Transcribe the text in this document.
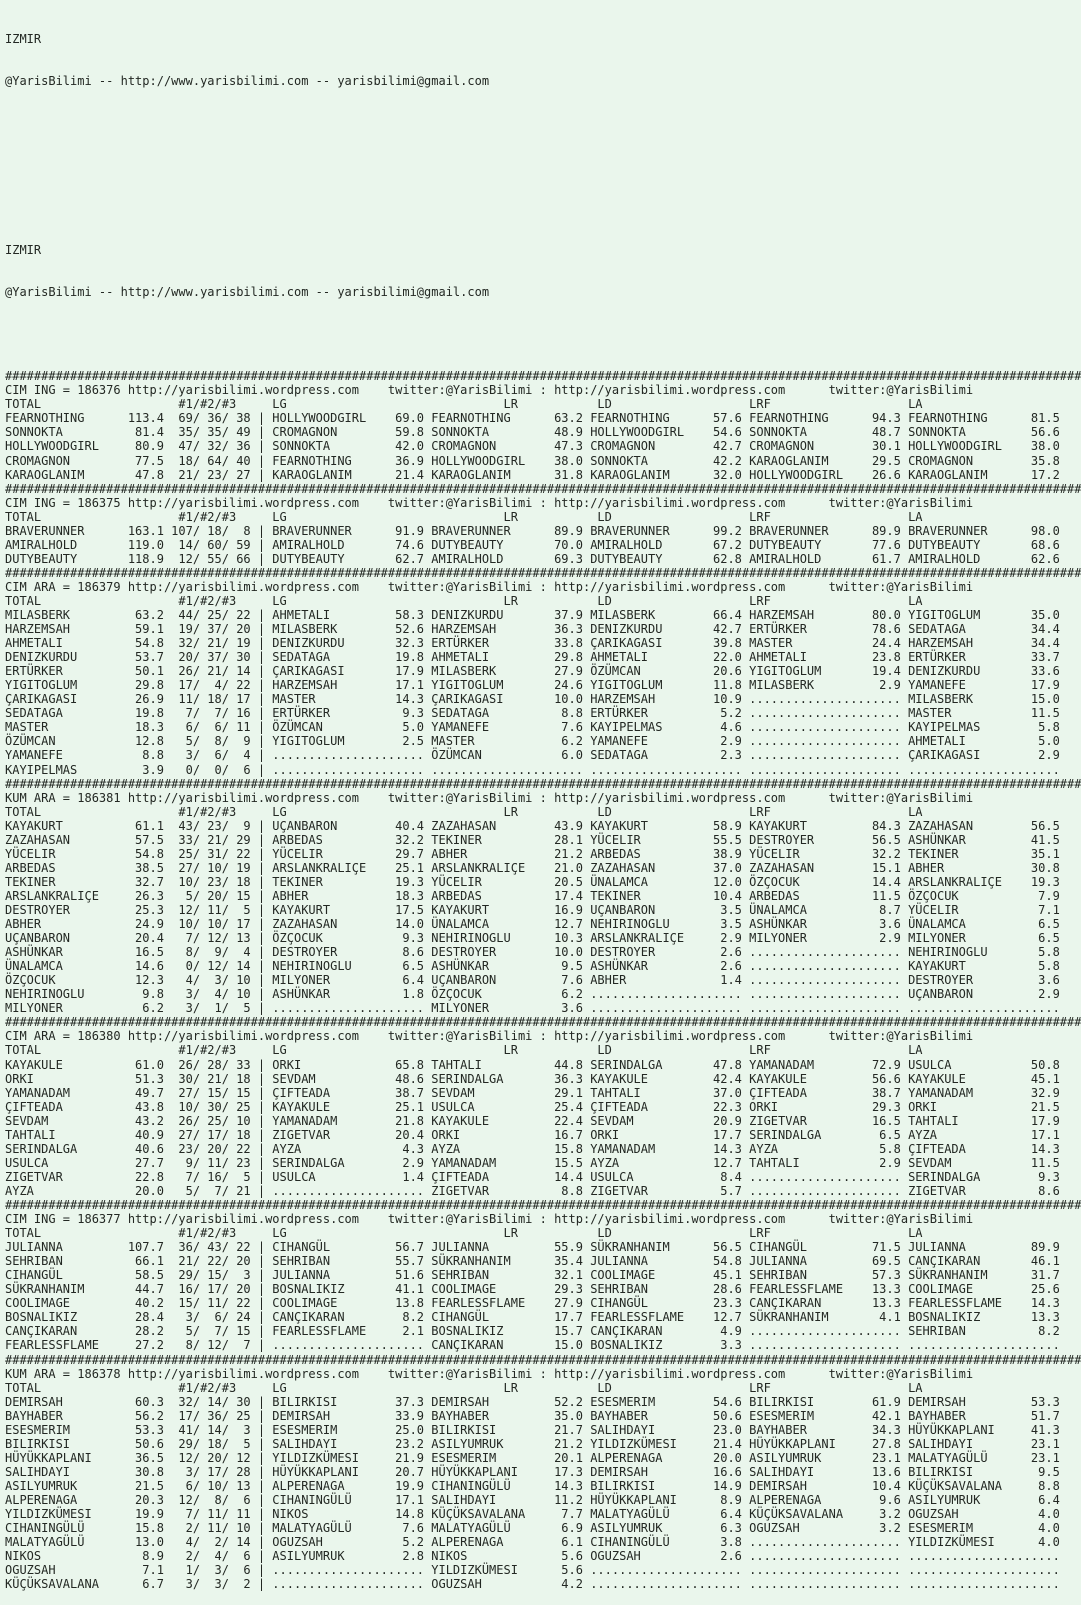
IZMIR

@YarisBilimi -- http://www.yarisbilimi.com -- yarisbilimi@gmail.com

IZMIR

@YarisBilimi -- http://www.yarisbilimi.com -- yarisbilimi@gmail.com

#####################################################################################################################################################
CIM ING = 186376 http://yarisbilimi.wordpress.com    twitter:@YarisBilimi : http://yarisbilimi.wordpress.com      twitter:@YarisBilimi
TOTAL                   #1/#2/#3     LG                              LR           LD                   LRF                   LA
FEARNOTHING      113.4  69/ 36/ 38 | HOLLYWOODGIRL    69.0 FEARNOTHING      63.2 FEARNOTHING      57.6 FEARNOTHING      94.3 FEARNOTHING      81.5
SONNOKTA          81.4  35/ 35/ 49 | CROMAGNON        59.8 SONNOKTA         48.9 HOLLYWOODGIRL    54.6 SONNOKTA         48.7 SONNOKTA         56.6
HOLLYWOODGIRL     80.9  47/ 32/ 36 | SONNOKTA         42.0 CROMAGNON        47.3 CROMAGNON        42.7 CROMAGNON        30.1 HOLLYWOODGIRL    38.0
CROMAGNON         77.5  18/ 64/ 40 | FEARNOTHING      36.9 HOLLYWOODGIRL    38.0 SONNOKTA         42.2 KARAOGLANIM      29.5 CROMAGNON        35.8
KARAOGLANIM       47.8  21/ 23/ 27 | KARAOGLANIM      21.4 KARAOGLANIM      31.8 KARAOGLANIM      32.0 HOLLYWOODGIRL    26.6 KARAOGLANIM      17.2
#####################################################################################################################################################
CIM ING = 186375 http://yarisbilimi.wordpress.com    twitter:@YarisBilimi : http://yarisbilimi.wordpress.com      twitter:@YarisBilimi
TOTAL                   #1/#2/#3     LG                              LR           LD                   LRF                   LA
BRAVERUNNER      163.1 107/ 18/  8 | BRAVERUNNER      91.9 BRAVERUNNER      89.9 BRAVERUNNER      99.2 BRAVERUNNER      89.9 BRAVERUNNER      98.0
AMIRALHOLD       119.0  14/ 60/ 59 | AMIRALHOLD       74.6 DUTYBEAUTY       70.0 AMIRALHOLD       67.2 DUTYBEAUTY       77.6 DUTYBEAUTY       68.6
DUTYBEAUTY       118.9  12/ 55/ 66 | DUTYBEAUTY       62.7 AMIRALHOLD       69.3 DUTYBEAUTY       62.8 AMIRALHOLD       61.7 AMIRALHOLD       62.6
#####################################################################################################################################################
CIM ARA = 186379 http://yarisbilimi.wordpress.com    twitter:@YarisBilimi : http://yarisbilimi.wordpress.com      twitter:@YarisBilimi
TOTAL                   #1/#2/#3     LG                              LR           LD                   LRF                   LA
MILASBERK         63.2  44/ 25/ 22 | AHMETALI         58.3 DENIZKURDU       37.9 MILASBERK        66.4 HARZEMSAH        80.0 YIGITOGLUM       35.0
HARZEMSAH         59.1  19/ 37/ 20 | MILASBERK        52.6 HARZEMSAH        36.3 DENIZKURDU       42.7 ERTÜRKER         78.6 SEDATAGA         34.4
AHMETALI          54.8  32/ 21/ 19 | DENIZKURDU       32.3 ERTÜRKER         33.8 ÇARIKAGASI       39.8 MASTER           24.4 HARZEMSAH        34.4
DENIZKURDU        53.7  20/ 37/ 30 | SEDATAGA         19.8 AHMETALI         29.8 AHMETALI         22.0 AHMETALI         23.8 ERTÜRKER         33.7
ERTÜRKER          50.1  26/ 21/ 14 | ÇARIKAGASI       17.9 MILASBERK        27.9 ÖZÜMCAN          20.6 YIGITOGLUM       19.4 DENIZKURDU       33.6
YIGITOGLUM        29.8  17/  4/ 22 | HARZEMSAH        17.1 YIGITOGLUM       24.6 YIGITOGLUM       11.8 MILASBERK         2.9 YAMANEFE         17.9
ÇARIKAGASI        26.9  11/ 18/ 17 | MASTER           14.3 ÇARIKAGASI       10.0 HARZEMSAH        10.9 ..................... MILASBERK        15.0
SEDATAGA          19.8   7/  7/ 16 | ERTÜRKER          9.3 SEDATAGA          8.8 ERTÜRKER          5.2 ..................... MASTER           11.5
MASTER            18.3   6/  6/ 11 | ÖZÜMCAN           5.0 YAMANEFE          7.6 KAYIPELMAS        4.6 ..................... KAYIPELMAS        5.8
ÖZÜMCAN           12.8   5/  8/  9 | YIGITOGLUM        2.5 MASTER            6.2 YAMANEFE          2.9 ..................... AHMETALI          5.0
YAMANEFE           8.8   3/  6/  4 | ..................... ÖZÜMCAN           6.0 SEDATAGA          2.3 ..................... ÇARIKAGASI        2.9
KAYIPELMAS         3.9   0/  0/  6 | ..................... ..................... ..................... ..................... .....................
#####################################################################################################################################################
KUM ARA = 186381 http://yarisbilimi.wordpress.com    twitter:@YarisBilimi : http://yarisbilimi.wordpress.com      twitter:@YarisBilimi
TOTAL                   #1/#2/#3     LG                              LR           LD                   LRF                   LA
KAYAKURT          61.1  43/ 23/  9 | UÇANBARON        40.4 ZAZAHASAN        43.9 KAYAKURT         58.9 KAYAKURT         84.3 ZAZAHASAN        56.5
ZAZAHASAN         57.5  33/ 21/ 29 | ARBEDAS          32.2 TEKINER          28.1 YÜCELIR          55.5 DESTROYER        56.5 ASHÜNKAR         41.5
YÜCELIR           54.8  25/ 31/ 22 | YÜCELIR          29.7 ABHER            21.2 ARBEDAS          38.9 YÜCELIR          32.2 TEKINER          35.1
ARBEDAS           38.5  27/ 10/ 19 | ARSLANKRALIÇE    25.1 ARSLANKRALIÇE    21.0 ZAZAHASAN        37.0 ZAZAHASAN        15.1 ABHER            30.8
TEKINER           32.7  10/ 23/ 18 | TEKINER          19.3 YÜCELIR          20.5 ÜNALAMCA         12.0 ÖZÇOCUK          14.4 ARSLANKRALIÇE    19.3
ARSLANKRALIÇE     26.3   5/ 20/ 15 | ABHER            18.3 ARBEDAS          17.4 TEKINER          10.4 ARBEDAS          11.5 ÖZÇOCUK           7.9
DESTROYER         25.3  12/ 11/  5 | KAYAKURT         17.5 KAYAKURT         16.9 UÇANBARON         3.5 ÜNALAMCA          8.7 YÜCELIR           7.1
ABHER             24.9  10/ 10/ 17 | ZAZAHASAN        14.0 ÜNALAMCA         12.7 NEHIRINOGLU       3.5 ASHÜNKAR          3.6 ÜNALAMCA          6.5
UÇANBARON         20.4   7/ 12/ 13 | ÖZÇOCUK           9.3 NEHIRINOGLU      10.3 ARSLANKRALIÇE     2.9 MILYONER          2.9 MILYONER          6.5
ASHÜNKAR          16.5   8/  9/  4 | DESTROYER         8.6 DESTROYER        10.0 DESTROYER         2.6 ..................... NEHIRINOGLU       5.8
ÜNALAMCA          14.6   0/ 12/ 14 | NEHIRINOGLU       6.5 ASHÜNKAR          9.5 ASHÜNKAR          2.6 ..................... KAYAKURT          5.8
ÖZÇOCUK           12.3   4/  3/ 10 | MILYONER          6.4 UÇANBARON         7.6 ABHER             1.4 ..................... DESTROYER         3.6
NEHIRINOGLU        9.8   3/  4/ 10 | ASHÜNKAR          1.8 ÖZÇOCUK           6.2 ..................... ..................... UÇANBARON         2.9
MILYONER           6.2   3/  1/  5 | ..................... MILYONER          3.6 ..................... ..................... .....................
#####################################################################################################################################################
CIM ARA = 186380 http://yarisbilimi.wordpress.com    twitter:@YarisBilimi : http://yarisbilimi.wordpress.com      twitter:@YarisBilimi
TOTAL                   #1/#2/#3     LG                              LR           LD                   LRF                   LA
KAYAKULE          61.0  26/ 28/ 33 | ORKI             65.8 TAHTALI          44.8 SERINDALGA       47.8 YAMANADAM        72.9 USULCA           50.8
ORKI              51.3  30/ 21/ 18 | SEVDAM           48.6 SERINDALGA       36.3 KAYAKULE         42.4 KAYAKULE         56.6 KAYAKULE         45.1
YAMANADAM         49.7  27/ 15/ 15 | ÇIFTEADA         38.7 SEVDAM           29.1 TAHTALI          37.0 ÇIFTEADA         38.7 YAMANADAM        32.9
ÇIFTEADA          43.8  10/ 30/ 25 | KAYAKULE         25.1 USULCA           25.4 ÇIFTEADA         22.3 ORKI             29.3 ORKI             21.5
SEVDAM            43.2  26/ 25/ 10 | YAMANADAM        21.8 KAYAKULE         22.4 SEVDAM           20.9 ZIGETVAR         16.5 TAHTALI          17.9
TAHTALI           40.9  27/ 17/ 18 | ZIGETVAR         20.4 ORKI             16.7 ORKI             17.7 SERINDALGA        6.5 AYZA             17.1
SERINDALGA        40.6  23/ 20/ 22 | AYZA              4.3 AYZA             15.8 YAMANADAM        14.3 AYZA              5.8 ÇIFTEADA         14.3
USULCA            27.7   9/ 11/ 23 | SERINDALGA        2.9 YAMANADAM        15.5 AYZA             12.7 TAHTALI           2.9 SEVDAM           11.5
ZIGETVAR          22.8   7/ 16/  5 | USULCA            1.4 ÇIFTEADA         14.4 USULCA            8.4 ..................... SERINDALGA        9.3
AYZA              20.0   5/  7/ 21 | ..................... ZIGETVAR          8.8 ZIGETVAR          5.7 ..................... ZIGETVAR          8.6
#####################################################################################################################################################
CIM ING = 186377 http://yarisbilimi.wordpress.com    twitter:@YarisBilimi : http://yarisbilimi.wordpress.com      twitter:@YarisBilimi
TOTAL                   #1/#2/#3     LG                              LR           LD                   LRF                   LA
JULIANNA         107.7  36/ 43/ 22 | CIHANGÜL         56.7 JULIANNA         55.9 SÜKRANHANIM      56.5 CIHANGÜL         71.5 JULIANNA         89.9
SEHRIBAN          66.1  21/ 22/ 20 | SEHRIBAN         55.7 SÜKRANHANIM      35.4 JULIANNA         54.8 JULIANNA         69.5 CANÇIKARAN       46.1
CIHANGÜL          58.5  29/ 15/  3 | JULIANNA         51.6 SEHRIBAN         32.1 COOLIMAGE        45.1 SEHRIBAN         57.3 SÜKRANHANIM      31.7
SÜKRANHANIM       44.7  16/ 17/ 20 | BOSNALIKIZ       41.1 COOLIMAGE        29.3 SEHRIBAN         28.6 FEARLESSFLAME    13.3 COOLIMAGE        25.6
COOLIMAGE         40.2  15/ 11/ 22 | COOLIMAGE        13.8 FEARLESSFLAME    27.9 CIHANGÜL         23.3 CANÇIKARAN       13.3 FEARLESSFLAME    14.3
BOSNALIKIZ        28.4   3/  6/ 24 | CANÇIKARAN        8.2 CIHANGÜL         17.7 FEARLESSFLAME    12.7 SÜKRANHANIM       4.1 BOSNALIKIZ       13.3
CANÇIKARAN        28.2   5/  7/ 15 | FEARLESSFLAME     2.1 BOSNALIKIZ       15.7 CANÇIKARAN        4.9 ..................... SEHRIBAN          8.2
FEARLESSFLAME     27.2   8/ 12/  7 | ..................... CANÇIKARAN       15.0 BOSNALIKIZ        3.3 ..................... .....................
#####################################################################################################################################################
KUM ARA = 186378 http://yarisbilimi.wordpress.com    twitter:@YarisBilimi : http://yarisbilimi.wordpress.com      twitter:@YarisBilimi
TOTAL                   #1/#2/#3     LG                              LR           LD                   LRF                   LA
DEMIRSAH          60.3  32/ 14/ 30 | BILIRKISI        37.3 DEMIRSAH         52.2 ESESMERIM        54.6 BILIRKISI        61.9 DEMIRSAH         53.3
BAYHABER          56.2  17/ 36/ 25 | DEMIRSAH         33.9 BAYHABER         35.0 BAYHABER         50.6 ESESMERIM        42.1 BAYHABER         51.7
ESESMERIM         53.3  41/ 14/  3 | ESESMERIM        25.0 BILIRKISI        21.7 SALIHDAYI        23.0 BAYHABER         34.3 HÜYÜKKAPLANI     41.3
BILIRKISI         50.6  29/ 18/  5 | SALIHDAYI        23.2 ASILYUMRUK       21.2 YILDIZKÜMESI     21.4 HÜYÜKKAPLANI     27.8 SALIHDAYI        23.1
HÜYÜKKAPLANI      36.5  12/ 20/ 12 | YILDIZKÜMESI     21.9 ESESMERIM        20.1 ALPERENAGA       20.0 ASILYUMRUK       23.1 MALATYAGÜLÜ      23.1
SALIHDAYI         30.8   3/ 17/ 28 | HÜYÜKKAPLANI     20.7 HÜYÜKKAPLANI     17.3 DEMIRSAH         16.6 SALIHDAYI        13.6 BILIRKISI         9.5
ASILYUMRUK        21.5   6/ 10/ 13 | ALPERENAGA       19.9 CIHANINGÜLÜ      14.3 BILIRKISI        14.9 DEMIRSAH         10.4 KÜÇÜKSAVALANA     8.8
ALPERENAGA        20.3  12/  8/  6 | CIHANINGÜLÜ      17.1 SALIHDAYI        11.2 HÜYÜKKAPLANI      8.9 ALPERENAGA        9.6 ASILYUMRUK        6.4
YILDIZKÜMESI      19.9   7/ 11/ 11 | NIKOS            14.8 KÜÇÜKSAVALANA     7.7 MALATYAGÜLÜ       6.4 KÜÇÜKSAVALANA     3.2 OGUZSAH           4.0
CIHANINGÜLÜ       15.8   2/ 11/ 10 | MALATYAGÜLÜ       7.6 MALATYAGÜLÜ       6.9 ASILYUMRUK        6.3 OGUZSAH           3.2 ESESMERIM         4.0
MALATYAGÜLÜ       13.0   4/  2/ 14 | OGUZSAH           5.2 ALPERENAGA        6.1 CIHANINGÜLÜ       3.8 ..................... YILDIZKÜMESI      4.0
NIKOS              8.9   2/  4/  6 | ASILYUMRUK        2.8 NIKOS             5.6 OGUZSAH           2.6 ..................... .....................
OGUZSAH            7.1   1/  3/  6 | ..................... YILDIZKÜMESI      5.6 ..................... ..................... .....................
KÜÇÜKSAVALANA      6.7   3/  3/  2 | ..................... OGUZSAH           4.2 ..................... ..................... .....................
